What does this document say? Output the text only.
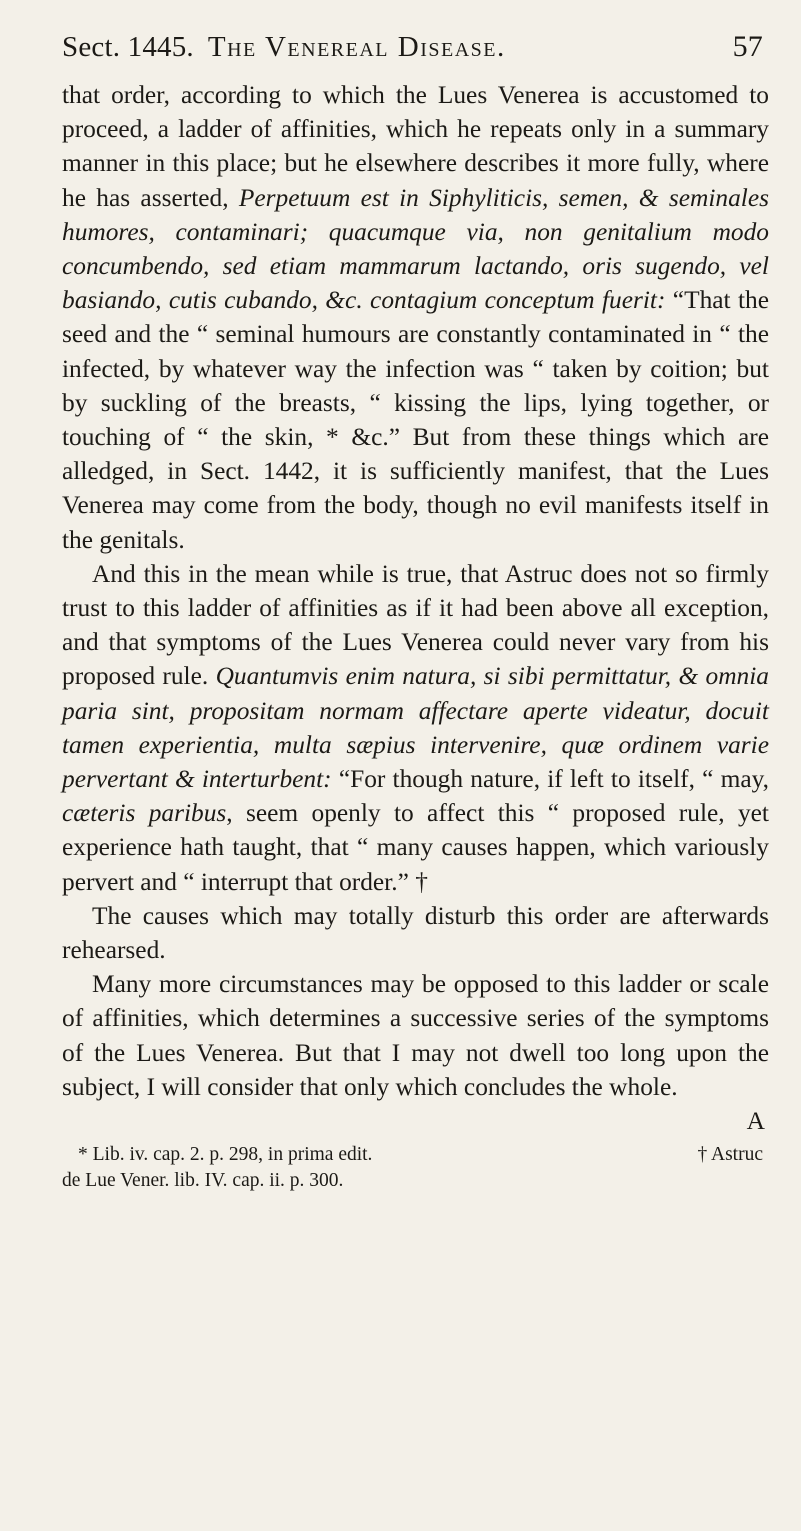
Sect. 1445. The Venereal Disease.	57

that order, according to which the Lues Venerea is accustomed to proceed, a ladder of affinities, which he repeats only in a summary manner in this place; but he elsewhere describes it more fully, where he has asserted, Perpetuum est in Siphyliticis, semen, & seminales humores, contaminari; quacumque via, non genitalium modo concumbendo, sed etiam mammarum lactando, oris sugendo, vel basiando, cutis cubando, &c. contagium conceptum fuerit: “That the seed and the “ seminal humours are constantly contaminated in “ the infected, by whatever way the infection was “ taken by coition; but by suckling of the breasts, “ kissing the lips, lying together, or touching of “ the skin, * &c.” But from these things which are alledged, in Sect. 1442, it is sufficiently manifest, that the Lues Venerea may come from the body, though no evil manifests itself in the genitals.

And this in the mean while is true, that Astruc does not so firmly trust to this ladder of affinities as if it had been above all exception, and that symptoms of the Lues Venerea could never vary from his proposed rule. Quantumvis enim natura, si sibi permittatur, & omnia paria sint, propositam normam affectare aperte videatur, docuit tamen experientia, multa sæpius intervenire, quæ ordinem varie pervertant & interturbent: “For though nature, if left to itself, “ may, cæteris paribus, seem openly to affect this “ proposed rule, yet experience hath taught, that “ many causes happen, which variously pervert and “ interrupt that order.” †

The causes which may totally disturb this order are afterwards rehearsed.

Many more circumstances may be opposed to this ladder or scale of affinities, which determines a successive series of the symptoms of the Lues Venerea. But that I may not dwell too long upon the subject, I will consider that only which concludes the whole.

A
* Lib. iv. cap. 2. p. 298, in prima edit.	† Astruc
de Lue Vener. lib. IV. cap. ii. p. 300.
